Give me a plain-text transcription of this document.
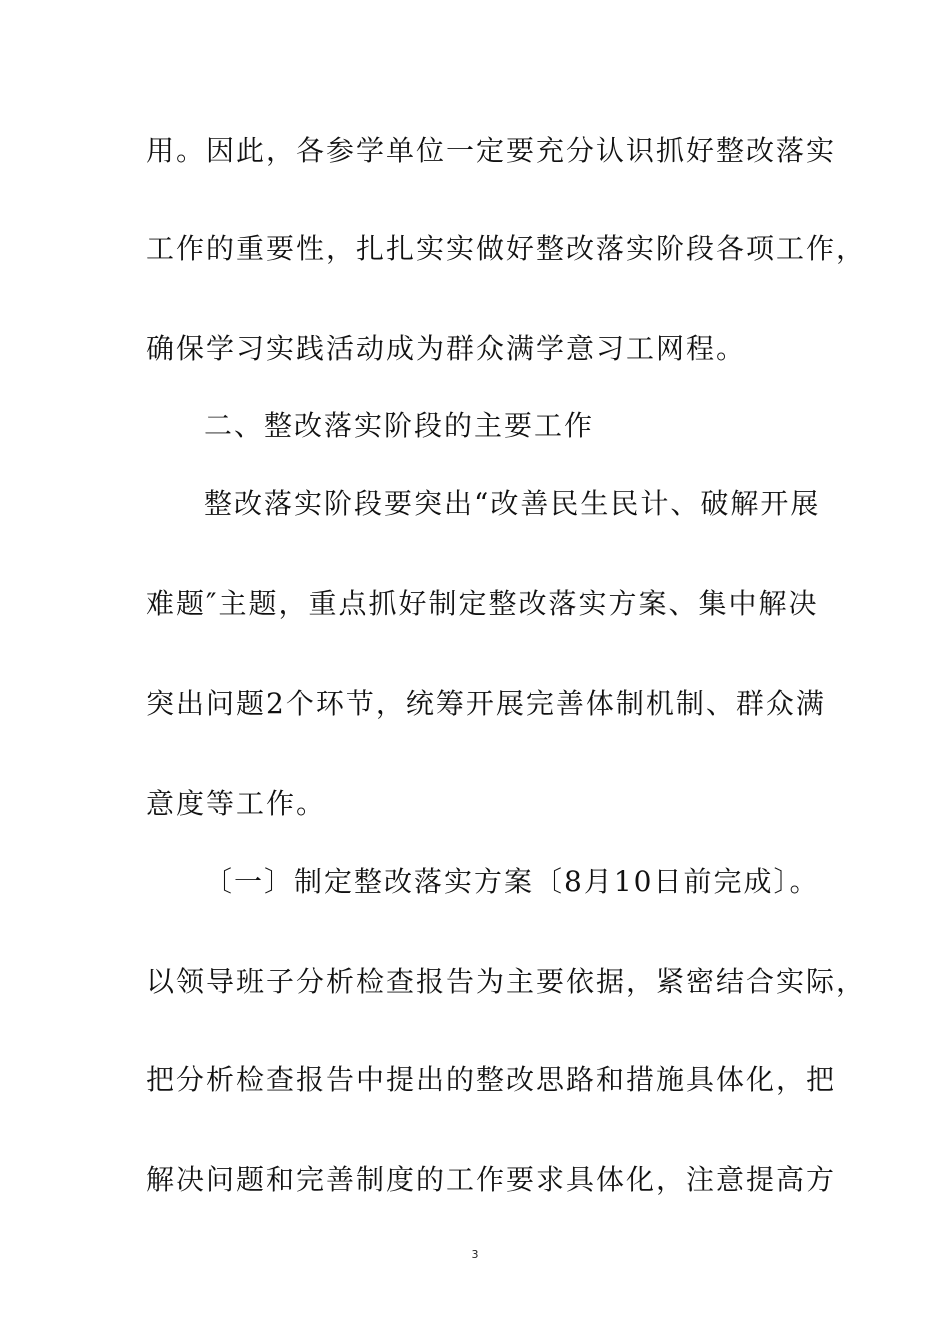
用。因此，各参学单位一定要充分认识抓好整改落实
工作的重要性，扎扎实实做好整改落实阶段各项工作，
确保学习实践活动成为群众满学意习工网程。
二、整改落实阶段的主要工作
整改落实阶段要突出“改善民生民计、破解开展
难题″主题，重点抓好制定整改落实方案、集中解决
突出问题2个环节，统筹开展完善体制机制、群众满
意度等工作。
〔一〕制定整改落实方案〔8月10日前完成〕。
以领导班子分析检查报告为主要依据，紧密结合实际，
把分析检查报告中提出的整改思路和措施具体化，把
解决问题和完善制度的工作要求具体化，注意提高方
3
